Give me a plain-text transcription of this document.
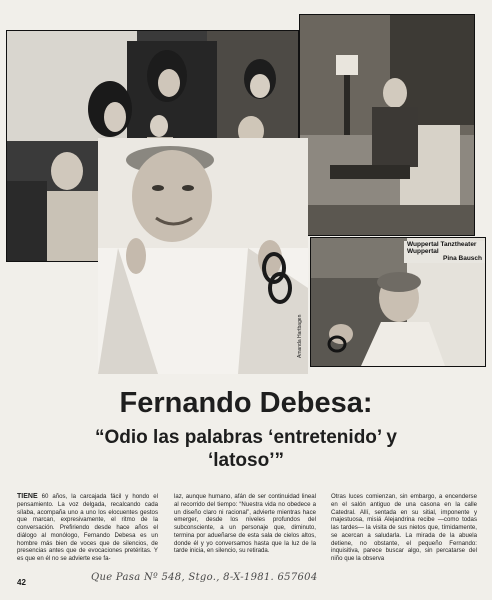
Amanda Hartbagen
Wuppertal Tanztheater Wuppertal

Pina Bausch
Fernando Debesa:
“Odio las palabras ‘entretenido’ y ‘latoso’”

TIENE 60 años, la carcajada fácil y hondo el pensamiento. La voz delgada, recalcando cada sílaba, acompaña uno a uno los elocuentes gestos que marcan, expresivamente, el ritmo de la conversación. Prefiriendo desde hace años el diálogo al monólogo, Fernando Debesa es un hombre más bien de voces que de silencios, de presencias antes que de evocaciones pretéritas. Y es que en él no se advierte ese fa-

laz, aunque humano, afán de ser continuidad lineal al recorrido del tiempo: “Nuestra vida no obedece a un diseño claro ni racional”, advierte mientras hace emerger, desde los niveles profundos del subconsciente, a un personaje que, diminuto, termina por adueñarse de esta sala de cielos altos, donde él y yo conversamos hasta que la luz de la tarde inicia, en silencio, su retirada.

Otras luces comienzan, sin embargo, a encenderse en el salón antiguo de una casona en la calle Catedral. Allí, sentada en su sitial, imponente y majestuosa, misiá Alejandrina recibe —como todas las tardes— la visita de sus nietos que, tímidamente, se acercan a saludarla. La mirada de la abuela detiene, no obstante, el pequeño Fernando: inquisitiva, parece buscar algo, sin percatarse del niño que la observa

42	Que Pasa Nº 548, Stgo., 8-X-1981. 657604
